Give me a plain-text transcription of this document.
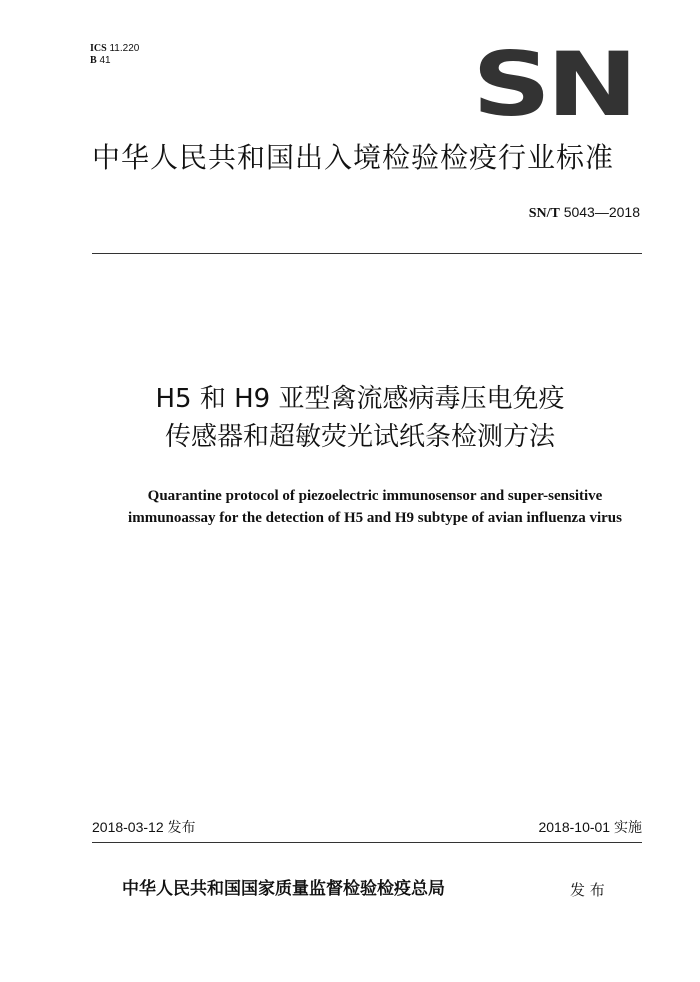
ICS 11.220
B 41	SN
中华人民共和国出入境检验检疫行业标准
SN/T 5043—2018
H5 和 H9 亚型禽流感病毒压电免疫
传感器和超敏荧光试纸条检测方法
Quarantine protocol of piezoelectric immunosensor and super-sensitive
immunoassay for the detection of H5 and H9 subtype of avian influenza virus
2018-03-12 发布	2018-10-01 实施
中华人民共和国国家质量监督检验检疫总局	发 布
